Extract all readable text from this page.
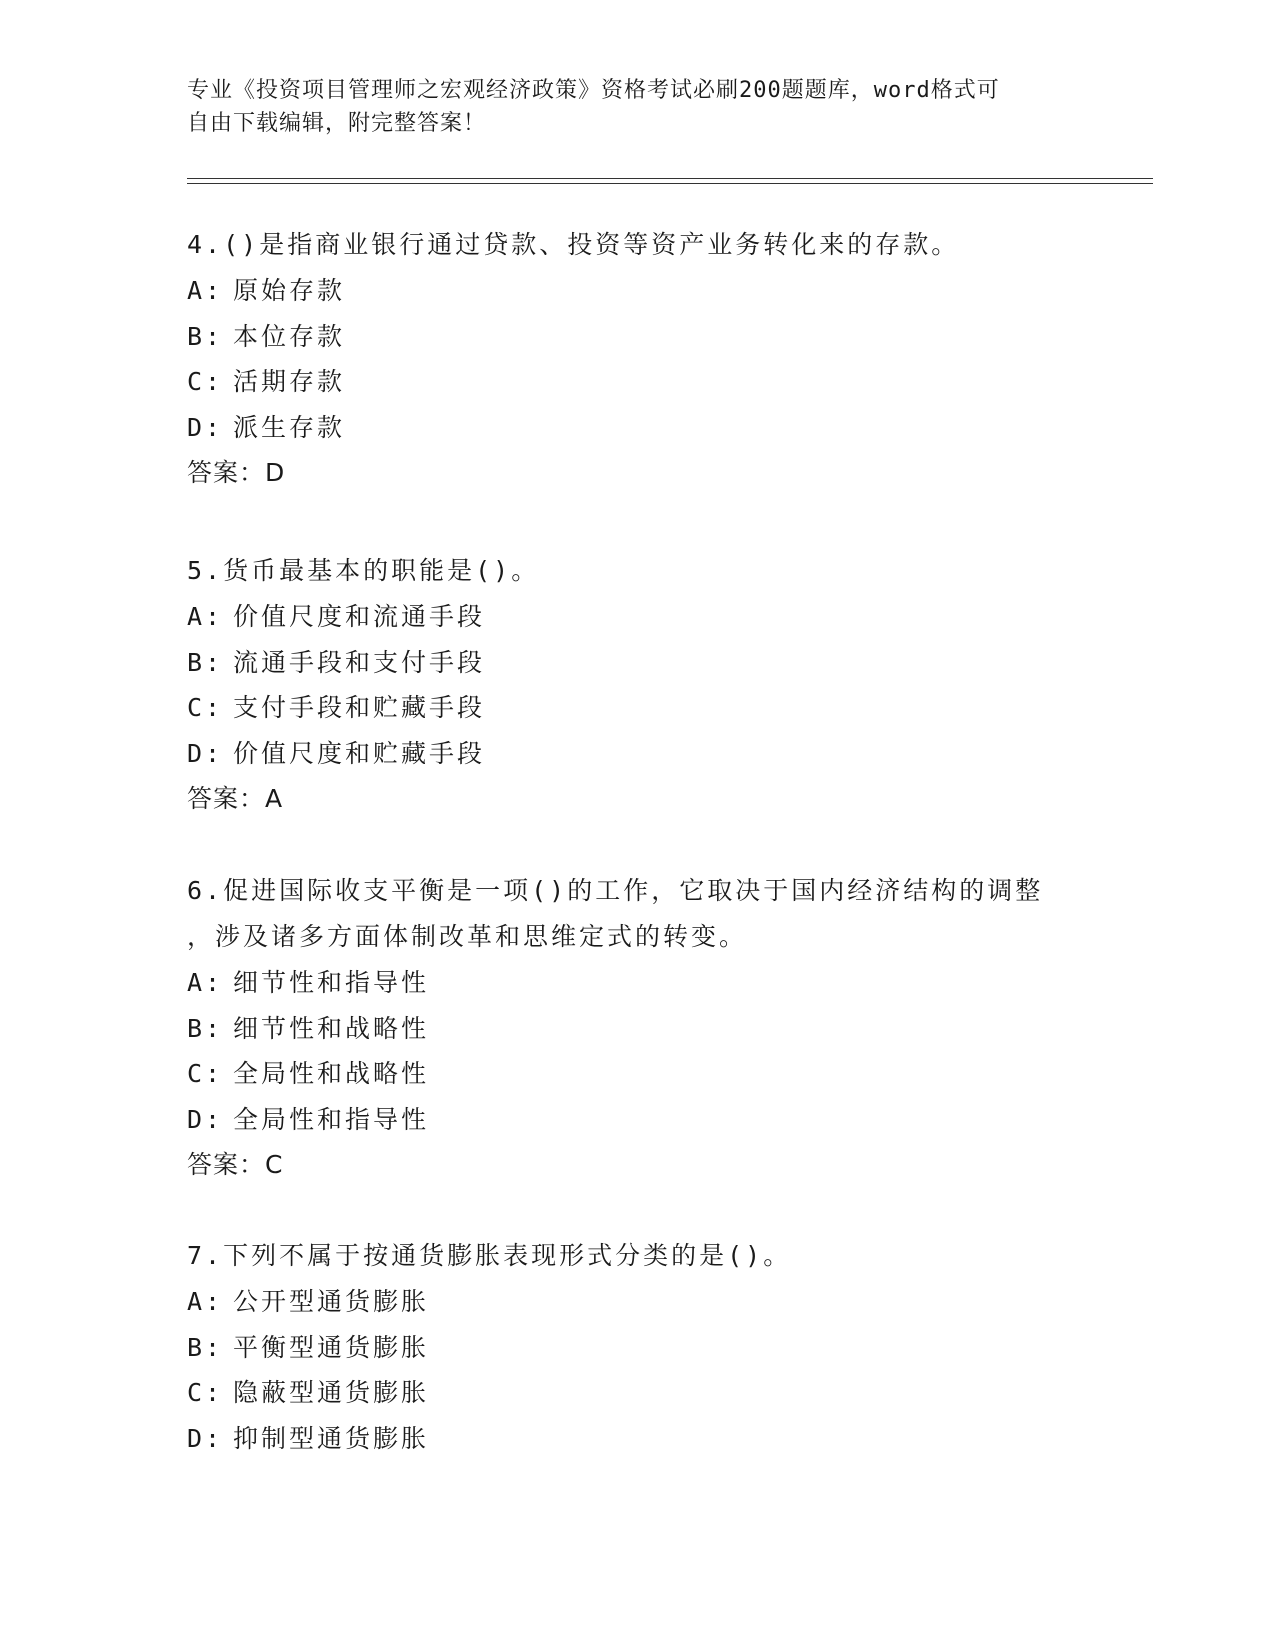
专业《投资项目管理师之宏观经济政策》资格考试必刷200题题库，word格式可
自由下载编辑，附完整答案！
4.()是指商业银行通过贷款、投资等资产业务转化来的存款。
A: 原始存款
B: 本位存款
C: 活期存款
D: 派生存款
答案：D
5.货币最基本的职能是()。
A: 价值尺度和流通手段
B: 流通手段和支付手段
C: 支付手段和贮藏手段
D: 价值尺度和贮藏手段
答案：A
6.促进国际收支平衡是一项()的工作，它取决于国内经济结构的调整
，涉及诸多方面体制改革和思维定式的转变。
A: 细节性和指导性
B: 细节性和战略性
C: 全局性和战略性
D: 全局性和指导性
答案：C
7.下列不属于按通货膨胀表现形式分类的是()。
A: 公开型通货膨胀
B: 平衡型通货膨胀
C: 隐蔽型通货膨胀
D: 抑制型通货膨胀
